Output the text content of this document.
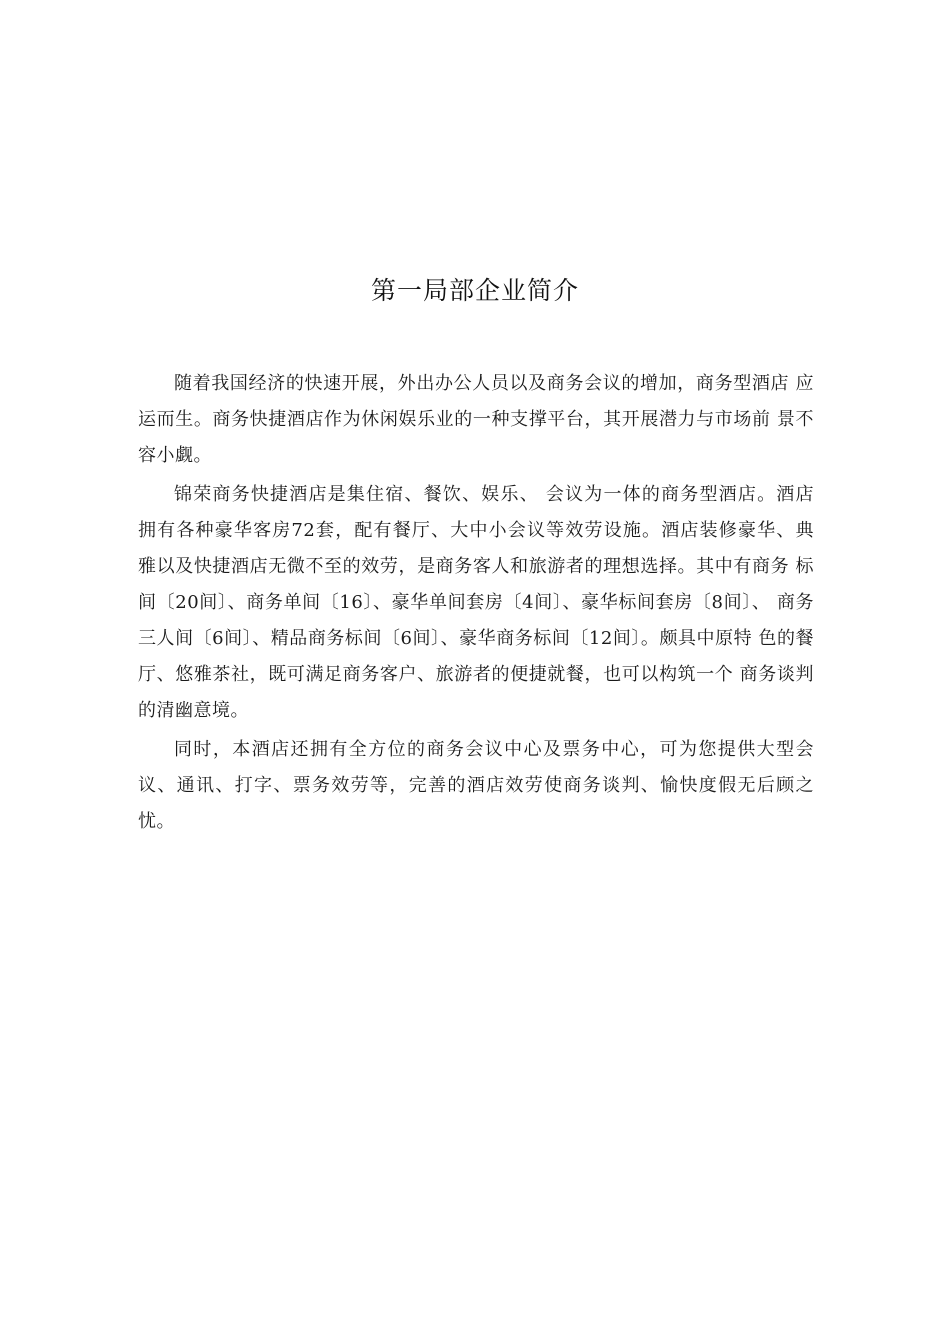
第一局部企业简介

随着我国经济的快速开展，外出办公人员以及商务会议的增加，商务型酒店 应运而生。商务快捷酒店作为休闲娱乐业的一种支撑平台，其开展潜力与市场前 景不容小觑。

锦荣商务快捷酒店是集住宿、餐饮、娱乐、 会议为一体的商务型酒店。酒店 拥有各种豪华客房72套，配有餐厅、大中小会议等效劳设施。酒店装修豪华、典 雅以及快捷酒店无微不至的效劳，是商务客人和旅游者的理想选择。其中有商务 标间〔20间〕、商务单间〔16〕、豪华单间套房〔4间〕、豪华标间套房〔8间〕、 商务三人间〔6间〕、精品商务标间〔6间〕、豪华商务标间〔12间〕。颇具中原特 色的餐厅、悠雅茶社，既可满足商务客户、旅游者的便捷就餐，也可以构筑一个 商务谈判的清幽意境。

同时，本酒店还拥有全方位的商务会议中心及票务中心，可为您提供大型会议、通讯、打字、票务效劳等，完善的酒店效劳使商务谈判、愉快度假无后顾之忧。
